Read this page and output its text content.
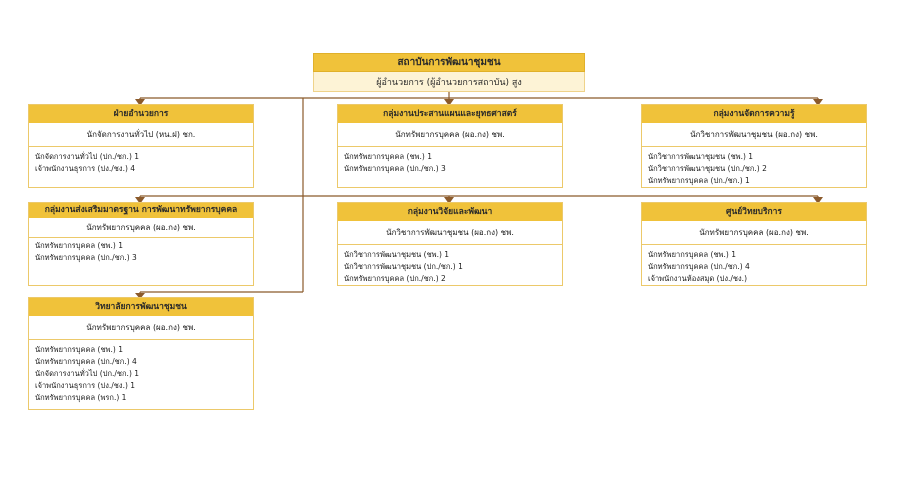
สถาบันการพัฒนาชุมชน
ผู้อำนวยการ (ผู้อำนวยการสถาบัน) สูง
ฝ่ายอำนวยการ
นักจัดการงานทั่วไป (หน.ฝ) ชก.
นักจัดการงานทั่วไป (ปก./ชก.) 1
เจ้าพนักงานธุรการ (ปง./ชง.) 4
กลุ่มงานประสานแผนและยุทธศาสตร์
นักทรัพยากรบุคคล (ผอ.กง) ชพ.
นักทรัพยากรบุคคล (ชพ.) 1
นักทรัพยากรบุคคล (ปก./ชก.) 3
กลุ่มงานจัดการความรู้
นักวิชาการพัฒนาชุมชน (ผอ.กง) ชพ.
นักวิชาการพัฒนาชุมชน (ชพ.) 1
นักวิชาการพัฒนาชุมชน (ปก./ชก.) 2
นักทรัพยากรบุคคล (ปก./ชก.) 1
กลุ่มงานส่งเสริมมาตรฐาน การพัฒนาทรัพยากรบุคคล
นักทรัพยากรบุคคล (ผอ.กง) ชพ.
นักทรัพยากรบุคคล (ชพ.) 1
นักทรัพยากรบุคคล (ปก./ชก.) 3
กลุ่มงานวิจัยและพัฒนา
นักวิชาการพัฒนาชุมชน (ผอ.กง) ชพ.
นักวิชาการพัฒนาชุมชน (ชพ.) 1
นักวิชาการพัฒนาชุมชน (ปก./ชก.) 1
นักทรัพยากรบุคคล (ปก./ชก.) 2
ศูนย์วิทยบริการ
นักทรัพยากรบุคคล (ผอ.กง) ชพ.
นักทรัพยากรบุคคล (ชพ.) 1
นักทรัพยากรบุคคล (ปก./ชก.) 4
เจ้าพนักงานห้องสมุด (ปง./ชง.)
วิทยาลัยการพัฒนาชุมชน
นักทรัพยากรบุคคล (ผอ.กง) ชพ.
นักทรัพยากรบุคคล (ชพ.) 1
นักทรัพยากรบุคคล (ปก./ชก.) 4
นักจัดการงานทั่วไป (ปก./ชก.) 1
เจ้าพนักงานธุรการ (ปง./ชง.) 1
นักทรัพยากรบุคคล (พรก.) 1
